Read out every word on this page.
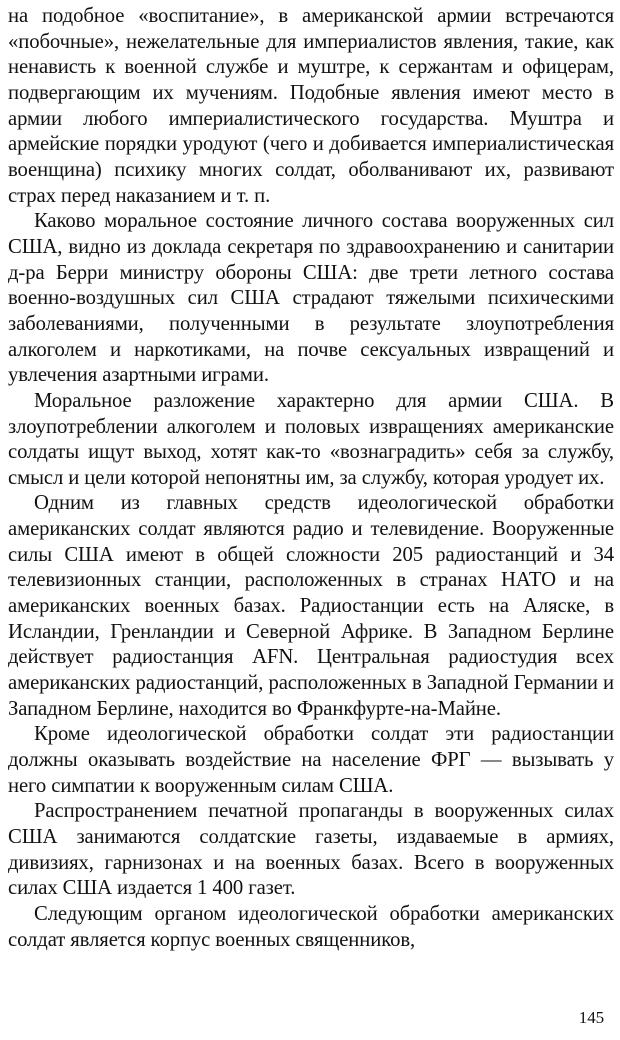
на подобное «воспитание», в американской армии встречаются «побочные», нежелательные для империалистов явления, такие, как ненависть к военной службе и муштре, к сержантам и офицерам, подвергающим их мучениям. Подобные явления имеют место в армии любого империалистического государства. Муштра и армейские порядки уродуют (чего и добивается империалистическая военщина) психику многих солдат, оболванивают их, развивают страх перед наказанием и т. п.

Каково моральное состояние личного состава вооруженных сил США, видно из доклада секретаря по здравоохранению и санитарии д-ра Берри министру обороны США: две трети летного состава военно-воздушных сил США страдают тяжелыми психическими заболеваниями, полученными в результате злоупотребления алкоголем и наркотиками, на почве сексуальных извращений и увлечения азартными играми.

Моральное разложение характерно для армии США. В злоупотреблении алкоголем и половых извращениях американские солдаты ищут выход, хотят как-то «вознаградить» себя за службу, смысл и цели которой непонятны им, за службу, которая уродует их.

Одним из главных средств идеологической обработки американских солдат являются радио и телевидение. Вооруженные силы США имеют в общей сложности 205 радиостанций и 34 телевизионных станции, расположенных в странах НАТО и на американских военных базах. Радиостанции есть на Аляске, в Исландии, Гренландии и Северной Африке. В Западном Берлине действует радиостанция AFN. Центральная радиостудия всех американских радиостанций, расположенных в Западной Германии и Западном Берлине, находится во Франкфурте-на-Майне.

Кроме идеологической обработки солдат эти радиостанции должны оказывать воздействие на население ФРГ — вызывать у него симпатии к вооруженным силам США.

Распространением печатной пропаганды в вооруженных силах США занимаются солдатские газеты, издаваемые в армиях, дивизиях, гарнизонах и на военных базах. Всего в вооруженных силах США издается 1 400 газет.

Следующим органом идеологической обработки американских солдат является корпус военных священников,

145
